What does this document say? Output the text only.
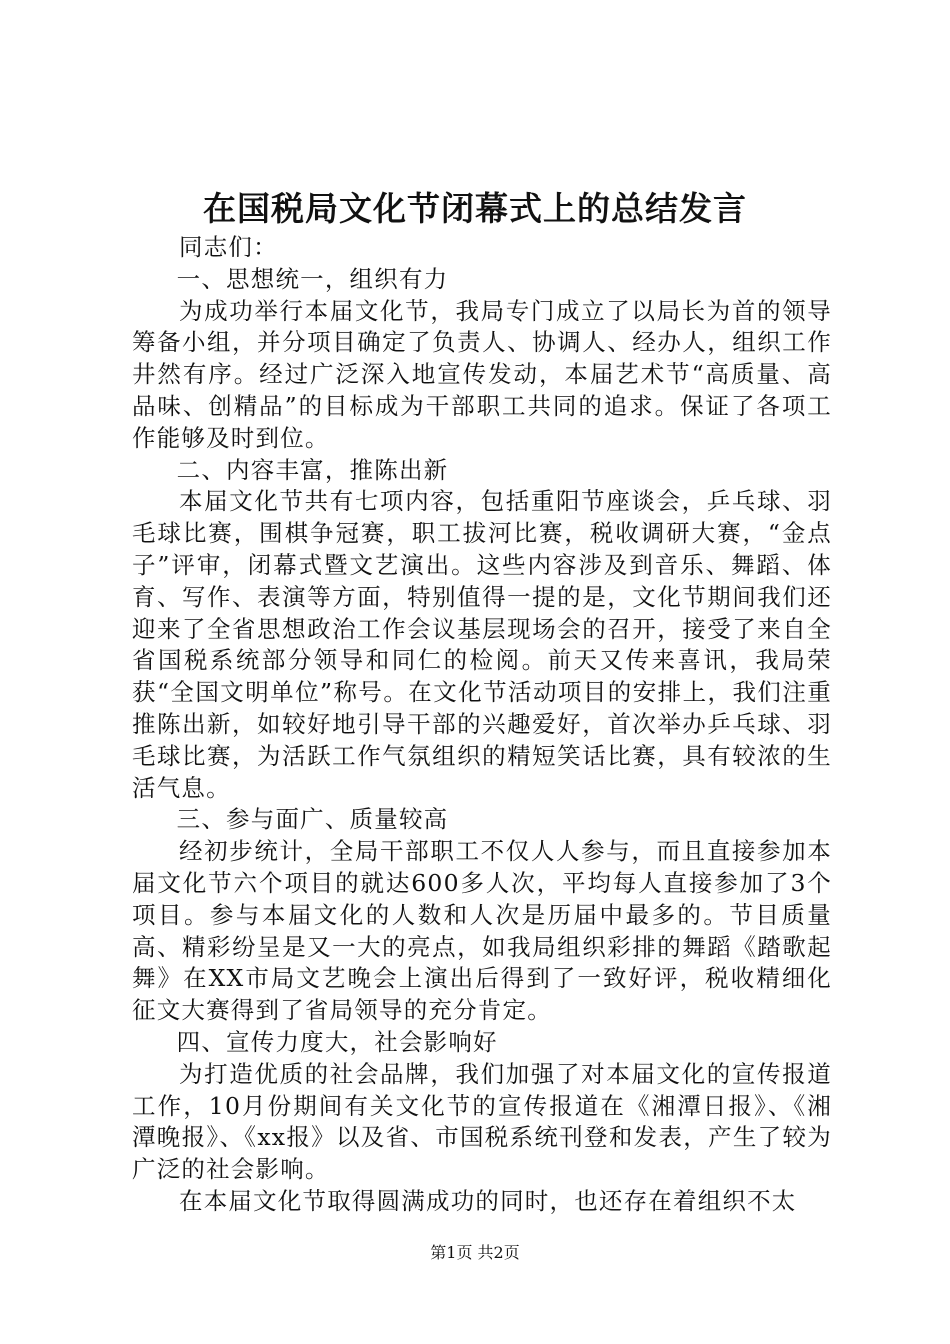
在国税局文化节闭幕式上的总结发言

同志们：

一、思想统一，组织有力

为成功举行本届文化节，我局专门成立了以局长为首的领导筹备小组，并分项目确定了负责人、协调人、经办人，组织工作井然有序。经过广泛深入地宣传发动，本届艺术节“高质量、高品味、创精品”的目标成为干部职工共同的追求。保证了各项工作能够及时到位。

二、内容丰富，推陈出新

本届文化节共有七项内容，包括重阳节座谈会，乒乓球、羽毛球比赛，围棋争冠赛，职工拔河比赛，税收调研大赛，“金点子”评审，闭幕式暨文艺演出。这些内容涉及到音乐、舞蹈、体育、写作、表演等方面，特别值得一提的是，文化节期间我们还迎来了全省思想政治工作会议基层现场会的召开，接受了来自全省国税系统部分领导和同仁的检阅。前天又传来喜讯，我局荣获“全国文明单位”称号。在文化节活动项目的安排上，我们注重推陈出新，如较好地引导干部的兴趣爱好，首次举办乒乓球、羽毛球比赛，为活跃工作气氛组织的精短笑话比赛，具有较浓的生活气息。

三、参与面广、质量较高

经初步统计，全局干部职工不仅人人参与，而且直接参加本届文化节六个项目的就达600多人次，平均每人直接参加了3个项目。参与本届文化的人数和人次是历届中最多的。节目质量高、精彩纷呈是又一大的亮点，如我局组织彩排的舞蹈《踏歌起舞》在XX市局文艺晚会上演出后得到了一致好评，税收精细化征文大赛得到了省局领导的充分肯定。

四、宣传力度大，社会影响好

为打造优质的社会品牌，我们加强了对本届文化的宣传报道工作，10月份期间有关文化节的宣传报道在《湘潭日报》、《湘潭晚报》、《xx报》以及省、市国税系统刊登和发表，产生了较为广泛的社会影响。

在本届文化节取得圆满成功的同时，也还存在着组织不太

第1页 共2页
